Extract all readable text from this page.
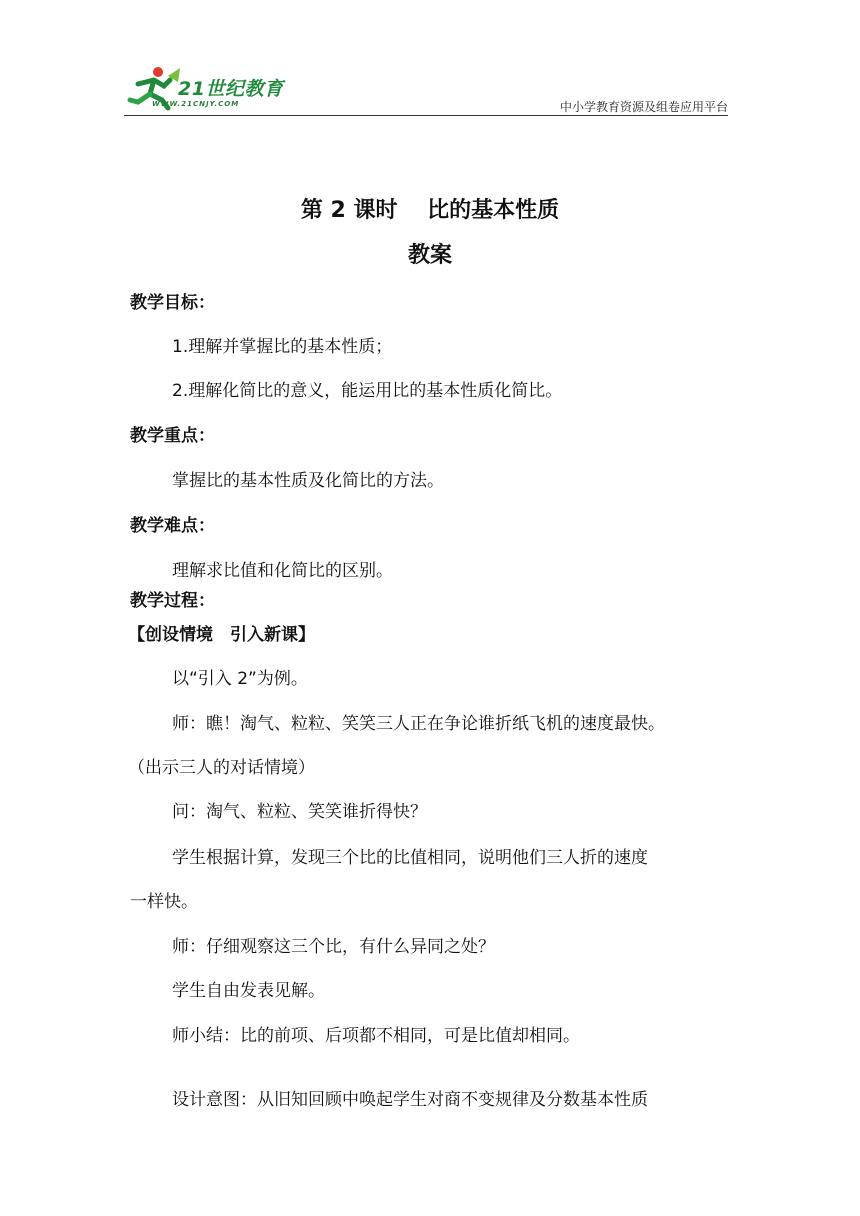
21世纪教育
WWW.21CNJY.COM	中小学教育资源及组卷应用平台
第 2 课时　 比的基本性质
教案
教学目标：
1.理解并掌握比的基本性质；
2.理解化简比的意义，能运用比的基本性质化简比。
教学重点：
掌握比的基本性质及化简比的方法。
教学难点：
理解求比值和化简比的区别。
教学过程：
【创设情境　引入新课】
以“引入 2”为例。
师：瞧！淘气、粒粒、笑笑三人正在争论谁折纸飞机的速度最快。
（出示三人的对话情境）
问：淘气、粒粒、笑笑谁折得快？
学生根据计算，发现三个比的比值相同，说明他们三人折的速度
一样快。
师：仔细观察这三个比，有什么异同之处？
学生自由发表见解。
师小结：比的前项、后项都不相同，可是比值却相同。
设计意图：从旧知回顾中唤起学生对商不变规律及分数基本性质
